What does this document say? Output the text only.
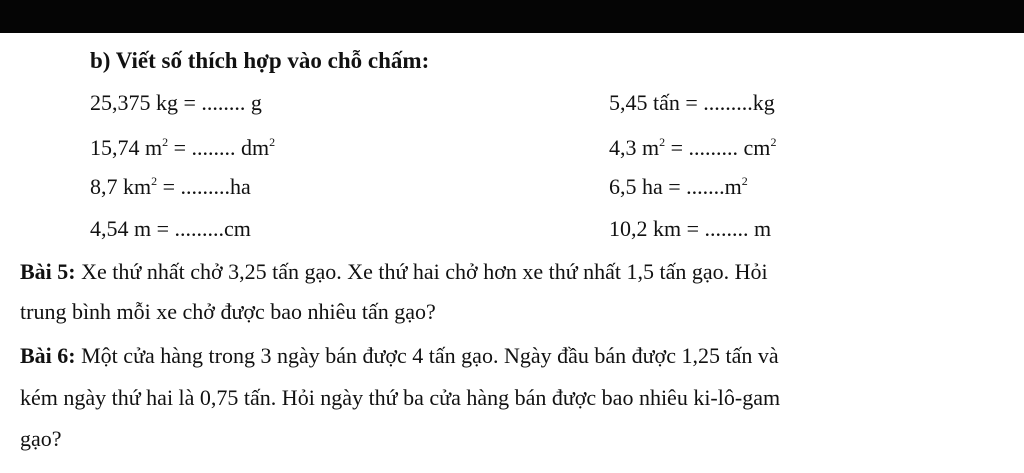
b) Viết số thích hợp vào chỗ chấm:
25,375 kg = ........ g	5,45 tấn = .........kg
15,74 $m^2$ = ........ $dm^2$	4,3 $m^2$ = ......... $cm^2$
8,7 $km^2 = .........ha$	6,5 ha = $.......m^2$
4,54 m = .........cm	10,2 km = ........ m
Bài 5: Xe thứ nhất chở 3,25 tấn gạo. Xe thứ hai chở hơn xe thứ nhất 1,5 tấn gạo. Hỏi
trung bình mỗi xe chở được bao nhiêu tấn gạo?
Bài 6: Một cửa hàng trong 3 ngày bán được 4 tấn gạo. Ngày đầu bán được 1,25 tấn và
kém ngày thứ hai là 0,75 tấn. Hỏi ngày thứ ba cửa hàng bán được bao nhiêu ki-lô-gam
gạo?
